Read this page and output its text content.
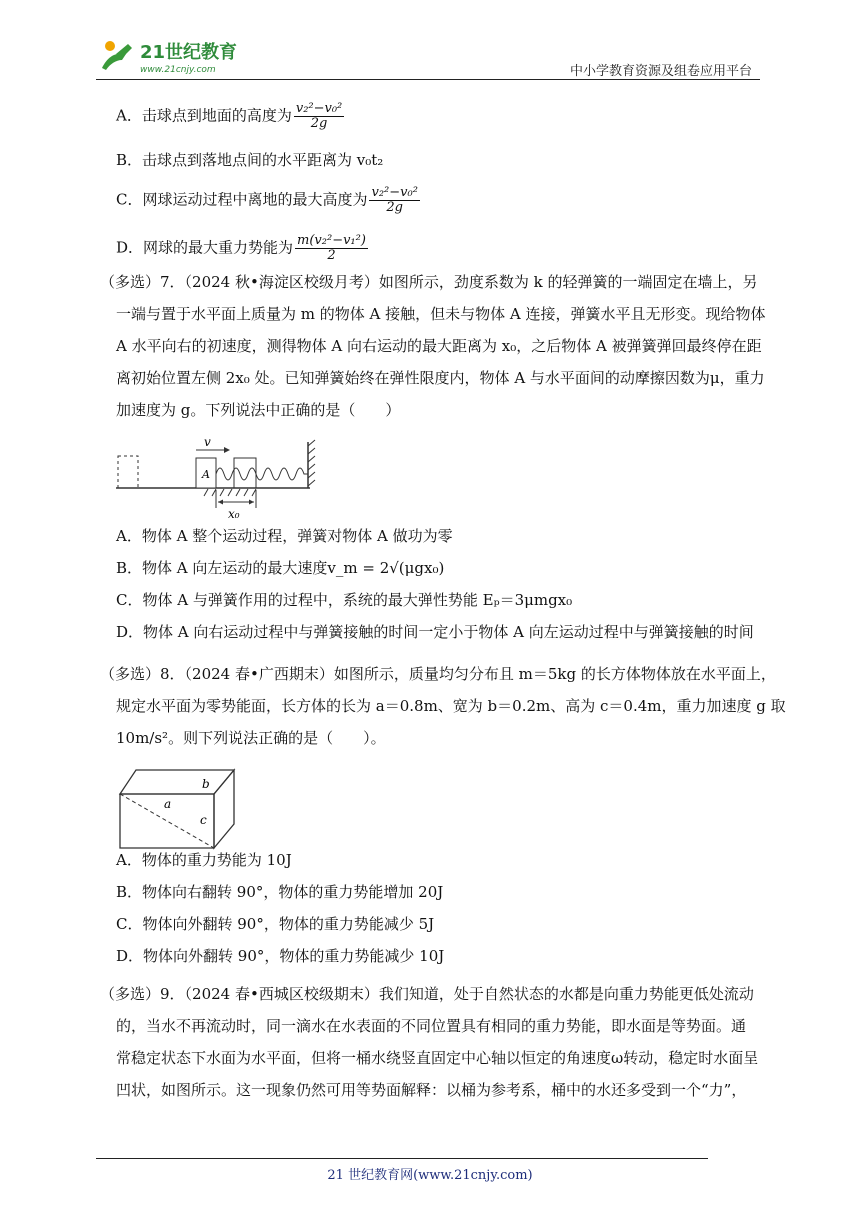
21世纪教育
www.21cnjy.com	中小学教育资源及组卷应用平台
A．击球点到地面的高度为 $\frac{\text{v₂²−v₀²}}{2g}$
B．击球点到落地点间的水平距离为 v₀t₂
C．网球运动过程中离地的最大高度为 $\frac{\text{v₂²−v₀²}}{2g}$
D．网球的最大重力势能为 $\frac{\text{m(v₂²−v₁²)}}{2}$
（多选）7．（2024 秋•海淀区校级月考）如图所示，劲度系数为 k 的轻弹簧的一端固定在墙上，另
一端与置于水平面上质量为 m 的物体 A 接触，但未与物体 A 连接，弹簧水平且无形变。现给物体
A 水平向右的初速度，测得物体 A 向右运动的最大距离为 x₀，之后物体 A 被弹簧弹回最终停在距
离初始位置左侧 2x₀ 处。已知弹簧始终在弹性限度内，物体 A 与水平面间的动摩擦因数为μ，重力
加速度为 g。下列说法中正确的是（　　）
A．物体 A 整个运动过程，弹簧对物体 A 做功为零
B．物体 A 向左运动的最大速度v_m = 2√(μgx₀)
C．物体 A 与弹簧作用的过程中，系统的最大弹性势能 Eₚ＝3μmgx₀
D．物体 A 向右运动过程中与弹簧接触的时间一定小于物体 A 向左运动过程中与弹簧接触的时间
（多选）8．（2024 春•广西期末）如图所示，质量均匀分布且 m＝5kg 的长方体物体放在水平面上，
规定水平面为零势能面，长方体的长为 a＝0.8m、宽为 b＝0.2m、高为 c＝0.4m，重力加速度 g 取
10m/s²。则下列说法正确的是（　　）。
A．物体的重力势能为 10J
B．物体向右翻转 90°，物体的重力势能增加 20J
C．物体向外翻转 90°，物体的重力势能减少 5J
D．物体向外翻转 90°，物体的重力势能减少 10J
（多选）9．（2024 春•西城区校级期末）我们知道，处于自然状态的水都是向重力势能更低处流动
的，当水不再流动时，同一滴水在水表面的不同位置具有相同的重力势能，即水面是等势面。通
常稳定状态下水面为水平面，但将一桶水绕竖直固定中心轴以恒定的角速度ω转动，稳定时水面呈
凹状，如图所示。这一现象仍然可用等势面解释：以桶为参考系，桶中的水还多受到一个“力”，
A
v
x₀
a
b
c
21 世纪教育网(www.21cnjy.com)
